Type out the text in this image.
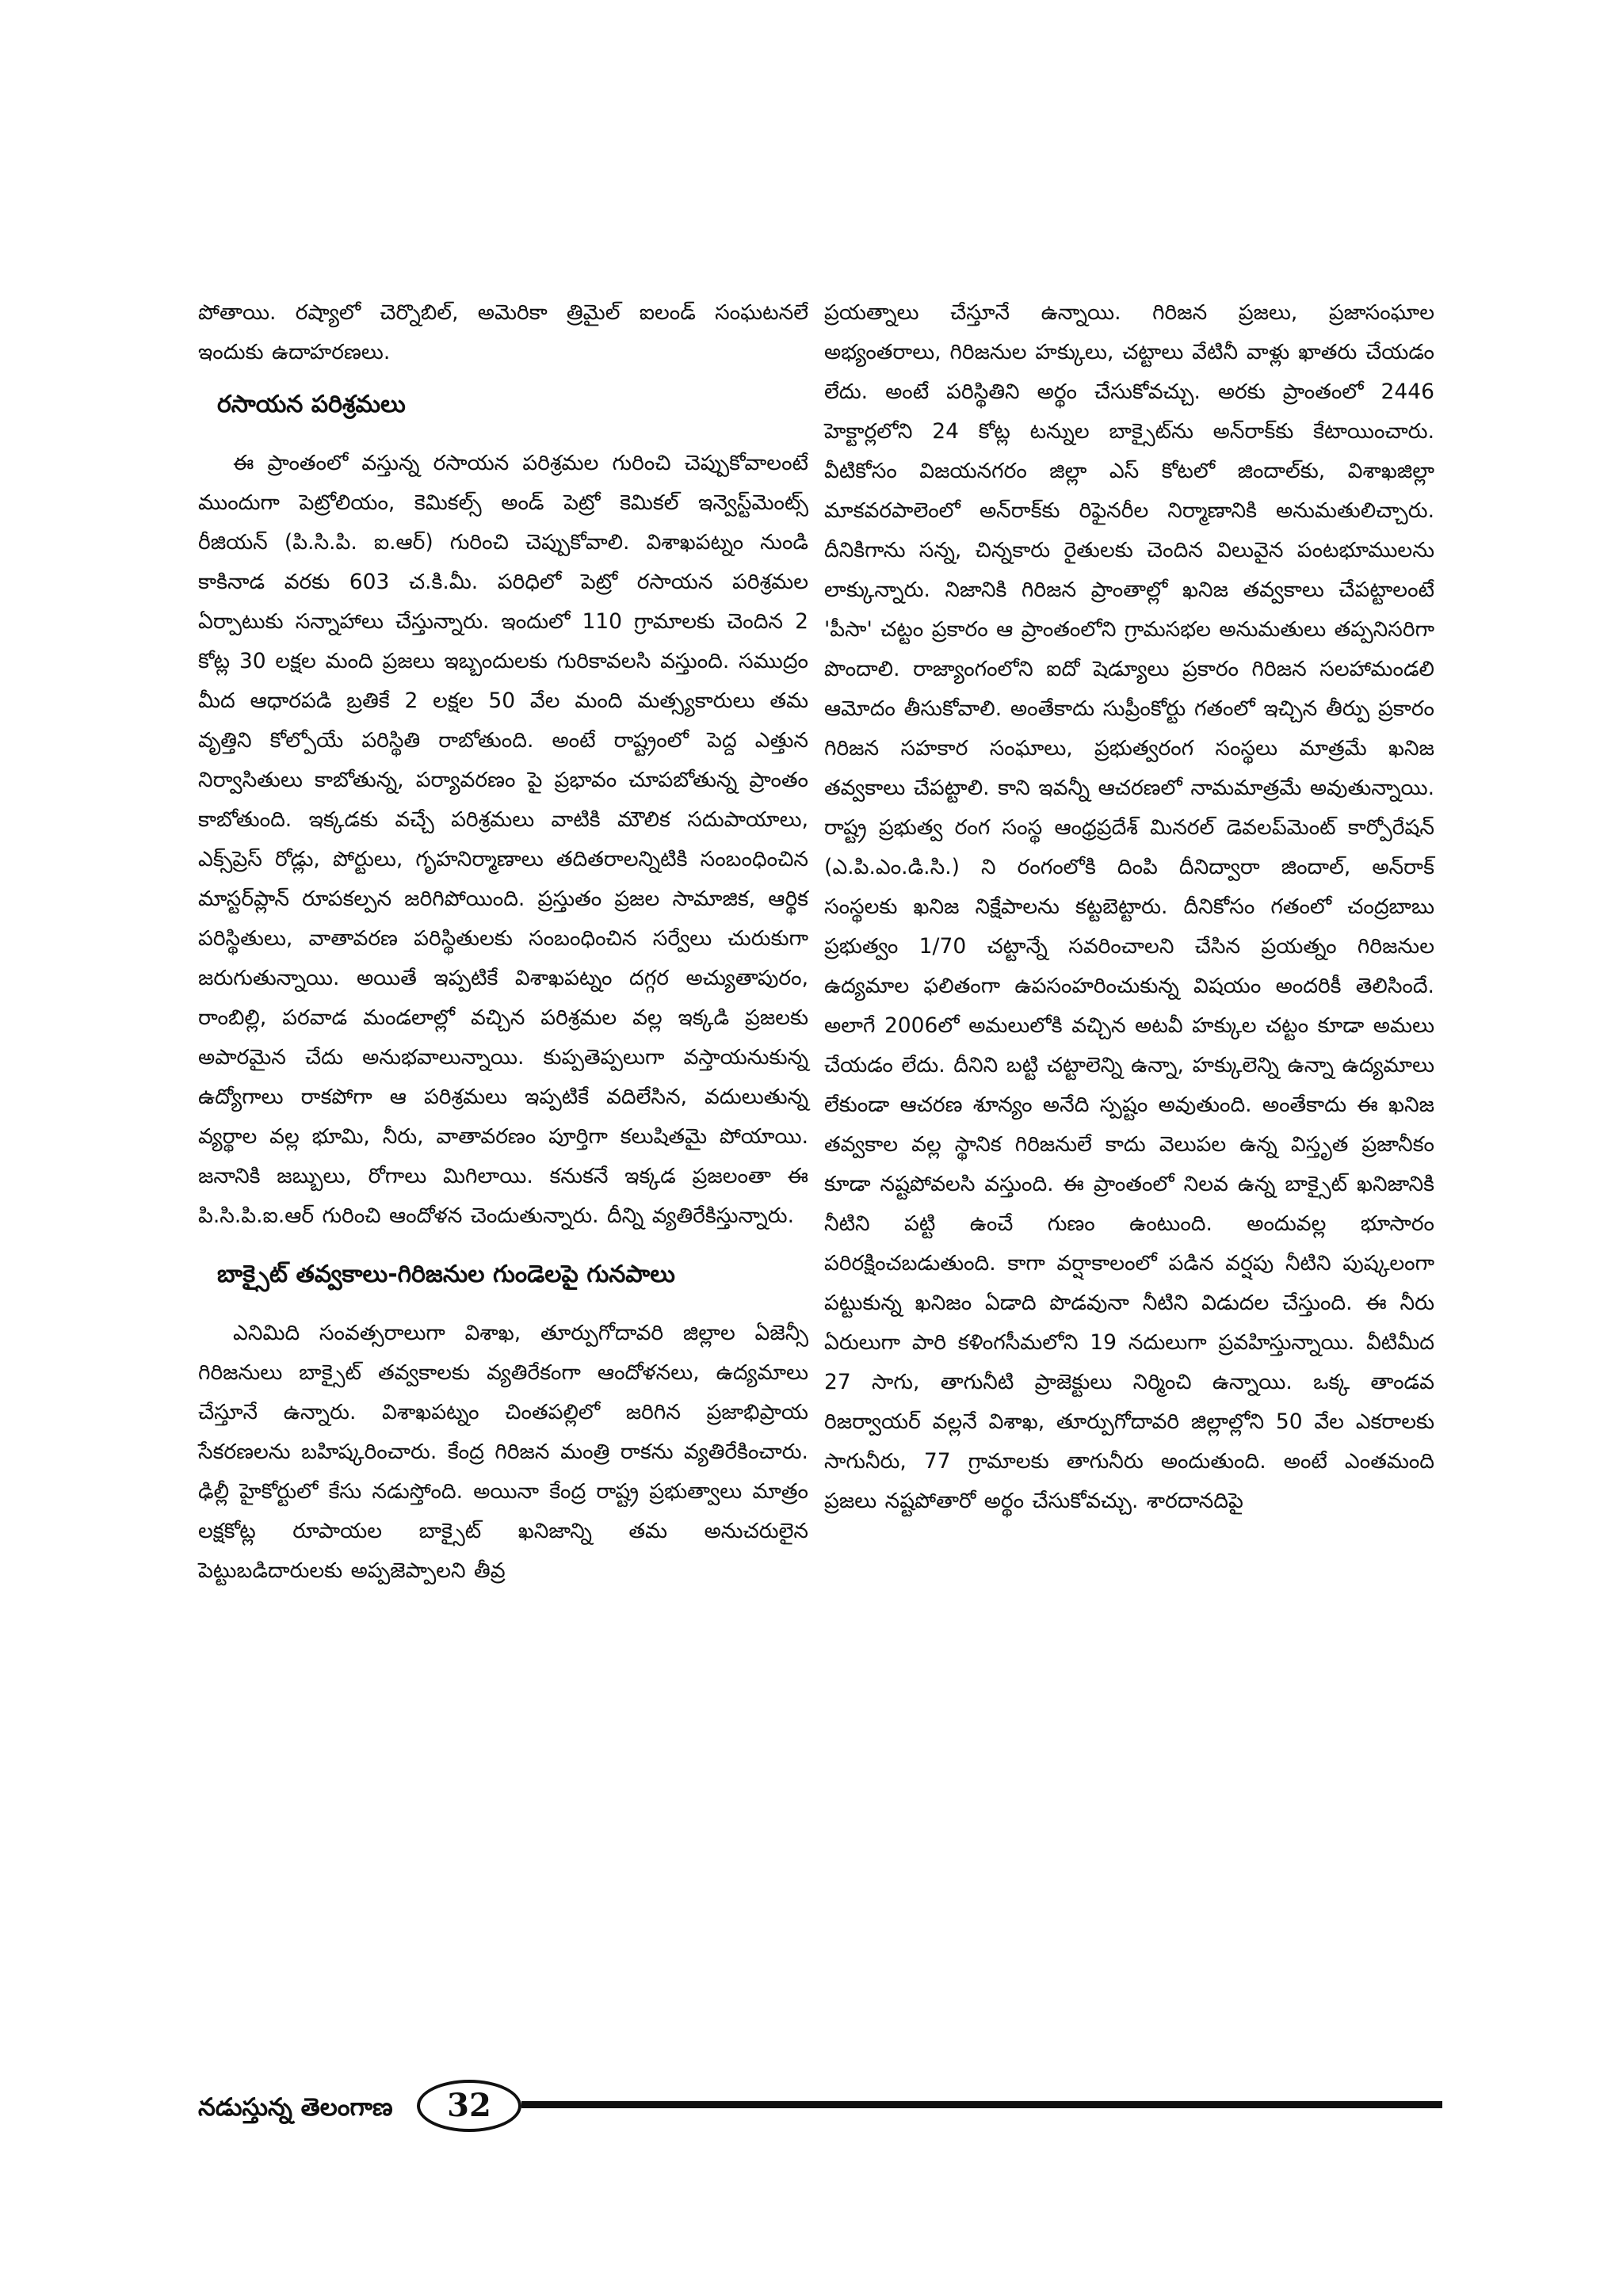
పోతాయి. రష్యాలో చెర్నొబిల్, అమెరికా త్రిమైల్ ఐలండ్ సంఘటనలే ఇందుకు ఉదాహరణలు.

రసాయన పరిశ్రమలు

ఈ ప్రాంతంలో వస్తున్న రసాయన పరిశ్రమల గురించి చెప్పుకోవాలంటే ముందుగా పెట్రోలియం, కెమికల్స్ అండ్ పెట్రో కెమికల్ ఇన్వెస్ట్‌మెంట్స్ రీజియన్ (పి.సి.పి. ఐ.ఆర్) గురించి చెప్పుకోవాలి. విశాఖపట్నం నుండి కాకినాడ వరకు 603 చ.కి.మీ. పరిధిలో పెట్రో రసాయన పరిశ్రమల ఏర్పాటుకు సన్నాహాలు చేస్తున్నారు. ఇందులో 110 గ్రామాలకు చెందిన 2 కోట్ల 30 లక్షల మంది ప్రజలు ఇబ్బందులకు గురికావలసి వస్తుంది. సముద్రం మీద ఆధారపడి బ్రతికే 2 లక్షల 50 వేల మంది మత్స్యకారులు తమ వృత్తిని కోల్పోయే పరిస్థితి రాబోతుంది. అంటే రాష్ట్రంలో పెద్ద ఎత్తున నిర్వాసితులు కాబోతున్న, పర్యావరణం పై ప్రభావం చూపబోతున్న ప్రాంతం కాబోతుంది. ఇక్కడకు వచ్చే పరిశ్రమలు వాటికి మౌలిక సదుపాయాలు, ఎక్స్‌ప్రెస్ రోడ్లు, పోర్టులు, గృహనిర్మాణాలు తదితరాలన్నిటికి సంబంధించిన మాస్టర్‌ప్లాన్ రూపకల్పన జరిగిపోయింది. ప్రస్తుతం ప్రజల సామాజిక, ఆర్థిక పరిస్థితులు, వాతావరణ పరిస్థితులకు సంబంధించిన సర్వేలు చురుకుగా జరుగుతున్నాయి. అయితే ఇప్పటికే విశాఖపట్నం దగ్గర అచ్యుతాపురం, రాంబిల్లి, పరవాడ మండలాల్లో వచ్చిన పరిశ్రమల వల్ల ఇక్కడి ప్రజలకు అపారమైన చేదు అనుభవాలున్నాయి. కుప్పతెప్పలుగా వస్తాయనుకున్న ఉద్యోగాలు రాకపోగా ఆ పరిశ్రమలు ఇప్పటికే వదిలేసిన, వదులుతున్న వ్యర్థాల వల్ల భూమి, నీరు, వాతావరణం పూర్తిగా కలుషితమై పోయాయి. జనానికి జబ్బులు, రోగాలు మిగిలాయి. కనుకనే ఇక్కడ ప్రజలంతా ఈ పి.సి.పి.ఐ.ఆర్ గురించి ఆందోళన చెందుతున్నారు. దీన్ని వ్యతిరేకిస్తున్నారు.

బాక్సైట్ తవ్వకాలు-గిరిజనుల గుండెలపై గునపాలు

ఎనిమిది సంవత్సరాలుగా విశాఖ, తూర్పుగోదావరి జిల్లాల ఏజెన్సీ గిరిజనులు బాక్సైట్ తవ్వకాలకు వ్యతిరేకంగా ఆందోళనలు, ఉద్యమాలు చేస్తూనే ఉన్నారు. విశాఖపట్నం చింతపల్లిలో జరిగిన ప్రజాభిప్రాయ సేకరణలను బహిష్కరించారు. కేంద్ర గిరిజన మంత్రి రాకను వ్యతిరేకించారు. ఢిల్లీ హైకోర్టులో కేసు నడుస్తోంది. అయినా కేంద్ర రాష్ట్ర ప్రభుత్వాలు మాత్రం లక్షకోట్ల రూపాయల బాక్సైట్ ఖనిజాన్ని తమ అనుచరులైన పెట్టుబడిదారులకు అప్పజెప్పాలని తీవ్ర

ప్రయత్నాలు చేస్తూనే ఉన్నాయి. గిరిజన ప్రజలు, ప్రజాసంఘాల అభ్యంతరాలు, గిరిజనుల హక్కులు, చట్టాలు వేటినీ వాళ్లు ఖాతరు చేయడం లేదు. అంటే పరిస్థితిని అర్థం చేసుకోవచ్చు. అరకు ప్రాంతంలో 2446 హెక్టార్లలోని 24 కోట్ల టన్నుల బాక్సైట్‌ను అన్‌రాక్‌కు కేటాయించారు. వీటికోసం విజయనగరం జిల్లా ఎస్ కోటలో జిందాల్‌కు, విశాఖజిల్లా మాకవరపాలెంలో అన్‌రాక్‌కు రిఫైనరీల నిర్మాణానికి అనుమతులిచ్చారు. దీనికిగాను సన్న, చిన్నకారు రైతులకు చెందిన విలువైన పంటభూములను లాక్కున్నారు. నిజానికి గిరిజన ప్రాంతాల్లో ఖనిజ తవ్వకాలు చేపట్టాలంటే 'పీసా' చట్టం ప్రకారం ఆ ప్రాంతంలోని గ్రామసభల అనుమతులు తప్పనిసరిగా పొందాలి. రాజ్యాంగంలోని ఐదో షెడ్యూలు ప్రకారం గిరిజన సలహామండలి ఆమోదం తీసుకోవాలి. అంతేకాదు సుప్రీంకోర్టు గతంలో ఇచ్చిన తీర్పు ప్రకారం గిరిజన సహకార సంఘాలు, ప్రభుత్వరంగ సంస్థలు మాత్రమే ఖనిజ తవ్వకాలు చేపట్టాలి. కాని ఇవన్నీ ఆచరణలో నామమాత్రమే అవుతున్నాయి. రాష్ట్ర ప్రభుత్వ రంగ సంస్థ ఆంధ్రప్రదేశ్ మినరల్ డెవలప్‌మెంట్ కార్పోరేషన్ (ఎ.పి.ఎం.డి.సి.) ని రంగంలోకి దింపి దీనిద్వారా జిందాల్, అన్‌రాక్ సంస్థలకు ఖనిజ నిక్షేపాలను కట్టబెట్టారు. దీనికోసం గతంలో చంద్రబాబు ప్రభుత్వం 1/70 చట్టాన్నే సవరించాలని చేసిన ప్రయత్నం గిరిజనుల ఉద్యమాల ఫలితంగా ఉపసంహరించుకున్న విషయం అందరికీ తెలిసిందే. అలాగే 2006లో అమలులోకి వచ్చిన అటవీ హక్కుల చట్టం కూడా అమలు చేయడం లేదు. దీనిని బట్టి చట్టాలెన్ని ఉన్నా, హక్కులెన్ని ఉన్నా ఉద్యమాలు లేకుండా ఆచరణ శూన్యం అనేది స్పష్టం అవుతుంది. అంతేకాదు ఈ ఖనిజ తవ్వకాల వల్ల స్థానిక గిరిజనులే కాదు వెలుపల ఉన్న విస్తృత ప్రజానీకం కూడా నష్టపోవలసి వస్తుంది. ఈ ప్రాంతంలో నిలవ ఉన్న బాక్సైట్ ఖనిజానికి నీటిని పట్టి ఉంచే గుణం ఉంటుంది. అందువల్ల భూసారం పరిరక్షించబడుతుంది. కాగా వర్షాకాలంలో పడిన వర్షపు నీటిని పుష్కలంగా పట్టుకున్న ఖనిజం ఏడాది పొడవునా నీటిని విడుదల చేస్తుంది. ఈ నీరు ఏరులుగా పారి కళింగసీమలోని 19 నదులుగా ప్రవహిస్తున్నాయి. వీటిమీద 27 సాగు, తాగునీటి ప్రాజెక్టులు నిర్మించి ఉన్నాయి. ఒక్క తాండవ రిజర్వాయర్ వల్లనే విశాఖ, తూర్పుగోదావరి జిల్లాల్లోని 50 వేల ఎకరాలకు సాగునీరు, 77 గ్రామాలకు తాగునీరు అందుతుంది. అంటే ఎంతమంది ప్రజలు నష్టపోతారో అర్థం చేసుకోవచ్చు. శారదానదిపై

నడుస్తున్న తెలంగాణ	32
